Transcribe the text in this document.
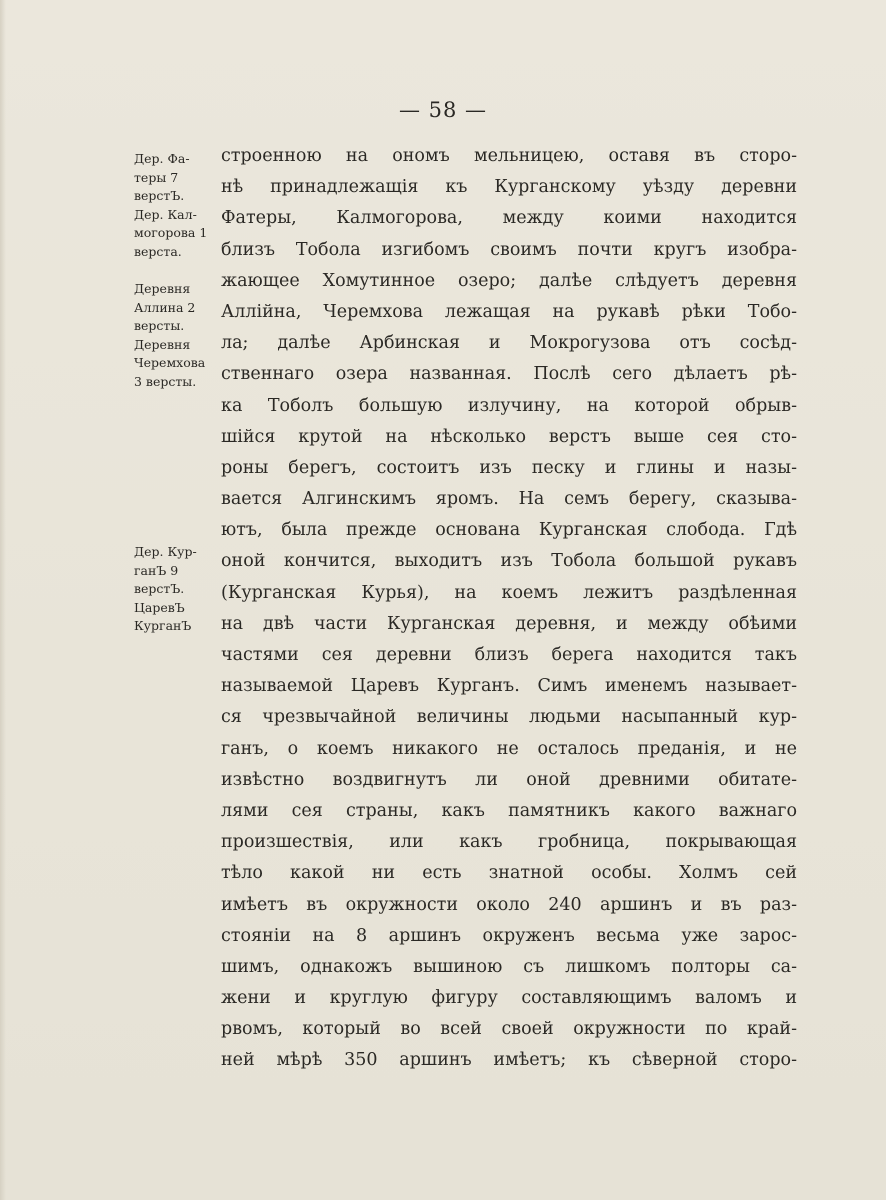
— 58 —
Дер. Фа-
теры 7
верстЪ.
Дер. Кал-
могорова 1
верста.
Деревня
Аллина 2
версты.
Деревня
Черемхова
3 версты.
Дер. Кур-
ганЪ 9
верстЪ.
ЦаревЪ
КурганЪ
строенною на ономъ мельницею, оставя въ сторо-
нѣ принадлежащія къ Курганскому уѣзду деревни
Фатеры, Калмогорова, между коими находится
близъ Тобола изгибомъ своимъ почти кругъ изобра-
жающее Хомутинное озеро; далѣе слѣдуетъ деревня
Аллiйна, Черемхова лежащая на рукавѣ рѣки Тобо-
ла; далѣе Арбинская и Мокрогузова отъ сосѣд-
ственнаго озера названная. Послѣ сего дѣлаетъ рѣ-
ка Тоболъ большую излучину, на которой обрыв-
шійся крутой на нѣсколько верстъ выше сея сто-
роны берегъ, состоитъ изъ песку и глины и назы-
вается Алгинскимъ яромъ. На семъ берегу, сказыва-
ютъ, была прежде основана Курганская слобода. Гдѣ
оной кончится, выходитъ изъ Тобола большой рукавъ
(Курганская Курья), на коемъ лежитъ раздѣленная
на двѣ части Курганская деревня, и между обѣими
частями сея деревни близъ берега находится такъ
называемой Царевъ Курганъ. Симъ именемъ называет-
ся чрезвычайной величины людьми насыпанный кур-
ганъ, о коемъ никакого не осталось преданія, и не
извѣстно воздвигнутъ ли оной древними обитате-
лями сея страны, какъ памятникъ какого важнаго
произшествія, или какъ гробница, покрывающая
тѣло какой ни есть знатной особы. Холмъ сей
имѣетъ въ окружности около 240 аршинъ и въ раз-
стояніи на 8 аршинъ окруженъ весьма уже зарос-
шимъ, однакожъ вышиною съ лишкомъ полторы са-
жени и круглую фигуру составляющимъ валомъ и
рвомъ, который во всей своей окружности по край-
ней мѣрѣ 350 аршинъ имѣетъ; къ сѣверной сторо-
